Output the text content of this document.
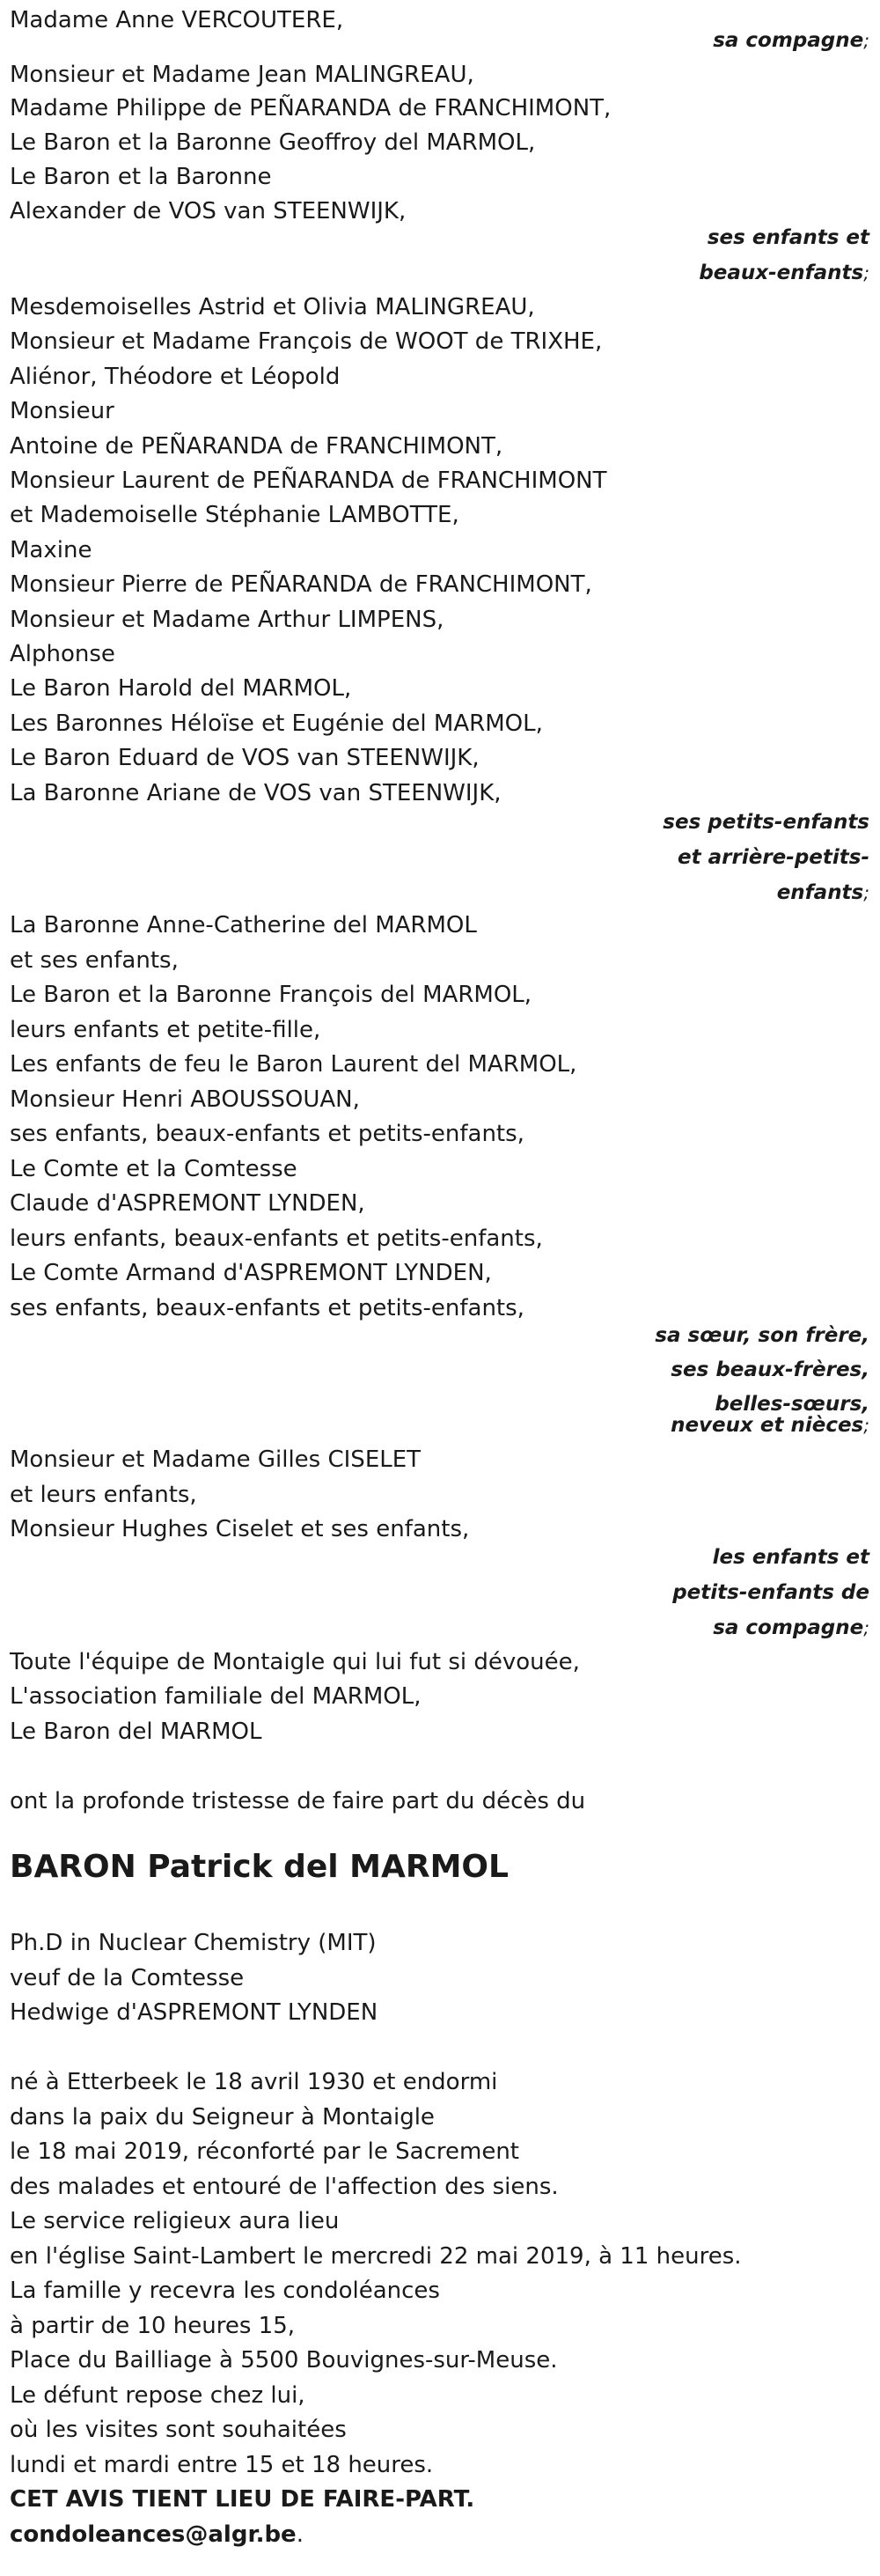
Madame Anne VERCOUTERE,
sa compagne;
Monsieur et Madame Jean MALINGREAU,
Madame Philippe de PEÑARANDA de FRANCHIMONT,
Le Baron et la Baronne Geoffroy del MARMOL,
Le Baron et la Baronne
Alexander de VOS van STEENWIJK,
ses enfants et
beaux-enfants;
Mesdemoiselles Astrid et Olivia MALINGREAU,
Monsieur et Madame François de WOOT de TRIXHE,
Aliénor, Théodore et Léopold
Monsieur
Antoine de PEÑARANDA de FRANCHIMONT,
Monsieur Laurent de PEÑARANDA de FRANCHIMONT
et Mademoiselle Stéphanie LAMBOTTE,
Maxine
Monsieur Pierre de PEÑARANDA de FRANCHIMONT,
Monsieur et Madame Arthur LIMPENS,
Alphonse
Le Baron Harold del MARMOL,
Les Baronnes Héloïse et Eugénie del MARMOL,
Le Baron Eduard de VOS van STEENWIJK,
La Baronne Ariane de VOS van STEENWIJK,
ses petits-enfants
et arrière-petits-
enfants;
La Baronne Anne-Catherine del MARMOL
et ses enfants,
Le Baron et la Baronne François del MARMOL,
leurs enfants et petite-fille,
Les enfants de feu le Baron Laurent del MARMOL,
Monsieur Henri ABOUSSOUAN,
ses enfants, beaux-enfants et petits-enfants,
Le Comte et la Comtesse
Claude d'ASPREMONT LYNDEN,
leurs enfants, beaux-enfants et petits-enfants,
Le Comte Armand d'ASPREMONT LYNDEN,
ses enfants, beaux-enfants et petits-enfants,
sa sœur, son frère,
ses beaux-frères,
belles-sœurs,
neveux et nièces;
Monsieur et Madame Gilles CISELET
et leurs enfants,
Monsieur Hughes Ciselet et ses enfants,
les enfants et
petits-enfants de
sa compagne;
Toute l'équipe de Montaigle qui lui fut si dévouée,
L'association familiale del MARMOL,
Le Baron del MARMOL
ont la profonde tristesse de faire part du décès du
BARON Patrick del MARMOL
Ph.D in Nuclear Chemistry (MIT)
veuf de la Comtesse
Hedwige d'ASPREMONT LYNDEN
né à Etterbeek le 18 avril 1930 et endormi
dans la paix du Seigneur à Montaigle
le 18 mai 2019, réconforté par le Sacrement
des malades et entouré de l'affection des siens.
Le service religieux aura lieu
en l'église Saint-Lambert le mercredi 22 mai 2019, à 11 heures.
La famille y recevra les condoléances
à partir de 10 heures 15,
Place du Bailliage à 5500 Bouvignes-sur-Meuse.
Le défunt repose chez lui,
où les visites sont souhaitées
lundi et mardi entre 15 et 18 heures.
CET AVIS TIENT LIEU DE FAIRE-PART.
condoleances@algr.be.
